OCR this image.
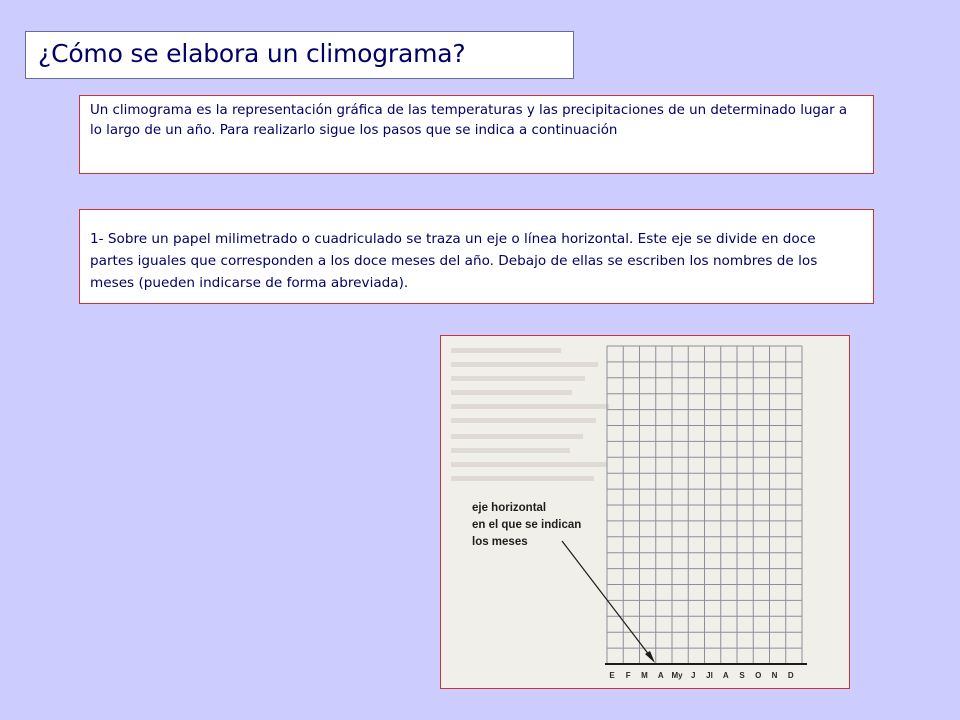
¿Cómo se elabora un climograma?
Un climograma es la representación gráfica de las temperaturas y las precipitaciones de un determinado lugar a lo largo de un año. Para realizarlo sigue los pasos que se indica a continuación
1- Sobre un papel milimetrado o cuadriculado se traza un eje o línea horizontal. Este eje se divide en doce partes iguales que corresponden a los doce meses del año. Debajo de ellas se escriben los nombres de los meses (pueden indicarse de forma abreviada).
E F M A My J Jl A S O N D
eje horizontal
en el que se indican
los meses
